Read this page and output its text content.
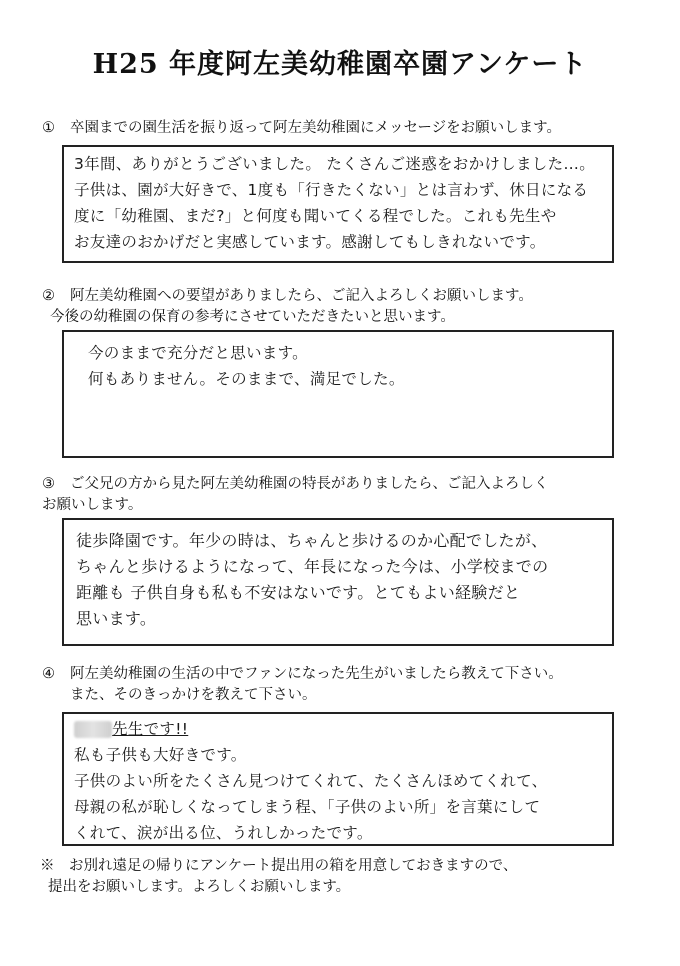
H25 年度阿左美幼稚園卒園アンケート
① 卒園までの園生活を振り返って阿左美幼稚園にメッセージをお願いします。
3年間、ありがとうございました。 たくさんご迷惑をおかけしました…。
子供は、園が大好きで、1度も「行きたくない」とは言わず、休日になる
度に「幼稚園、まだ?」と何度も聞いてくる程でした。これも先生や
お友達のおかげだと実感しています。感謝してもしきれないです。
② 阿左美幼稚園への要望がありましたら、ご記入よろしくお願いします。
今後の幼稚園の保育の参考にさせていただきたいと思います。
今のままで充分だと思います。
何もありません。そのままで、満足でした。
③ ご父兄の方から見た阿左美幼稚園の特長がありましたら、ご記入よろしく
お願いします。
徒歩降園です。年少の時は、ちゃんと歩けるのか心配でしたが、
ちゃんと歩けるようになって、年長になった今は、小学校までの
距離も 子供自身も私も不安はないです。とてもよい経験だと
思います。
④ 阿左美幼稚園の生活の中でファンになった先生がいましたら教えて下さい。
また、そのきっかけを教えて下さい。
先生です!!
私も子供も大好きです。
子供のよい所をたくさん見つけてくれて、たくさんほめてくれて、
母親の私が恥しくなってしまう程、「子供のよい所」を言葉にして
くれて、涙が出る位、うれしかったです。
※　 お別れ遠足の帰りにアンケート提出用の箱を用意しておきますので、
提出をお願いします。よろしくお願いします。
